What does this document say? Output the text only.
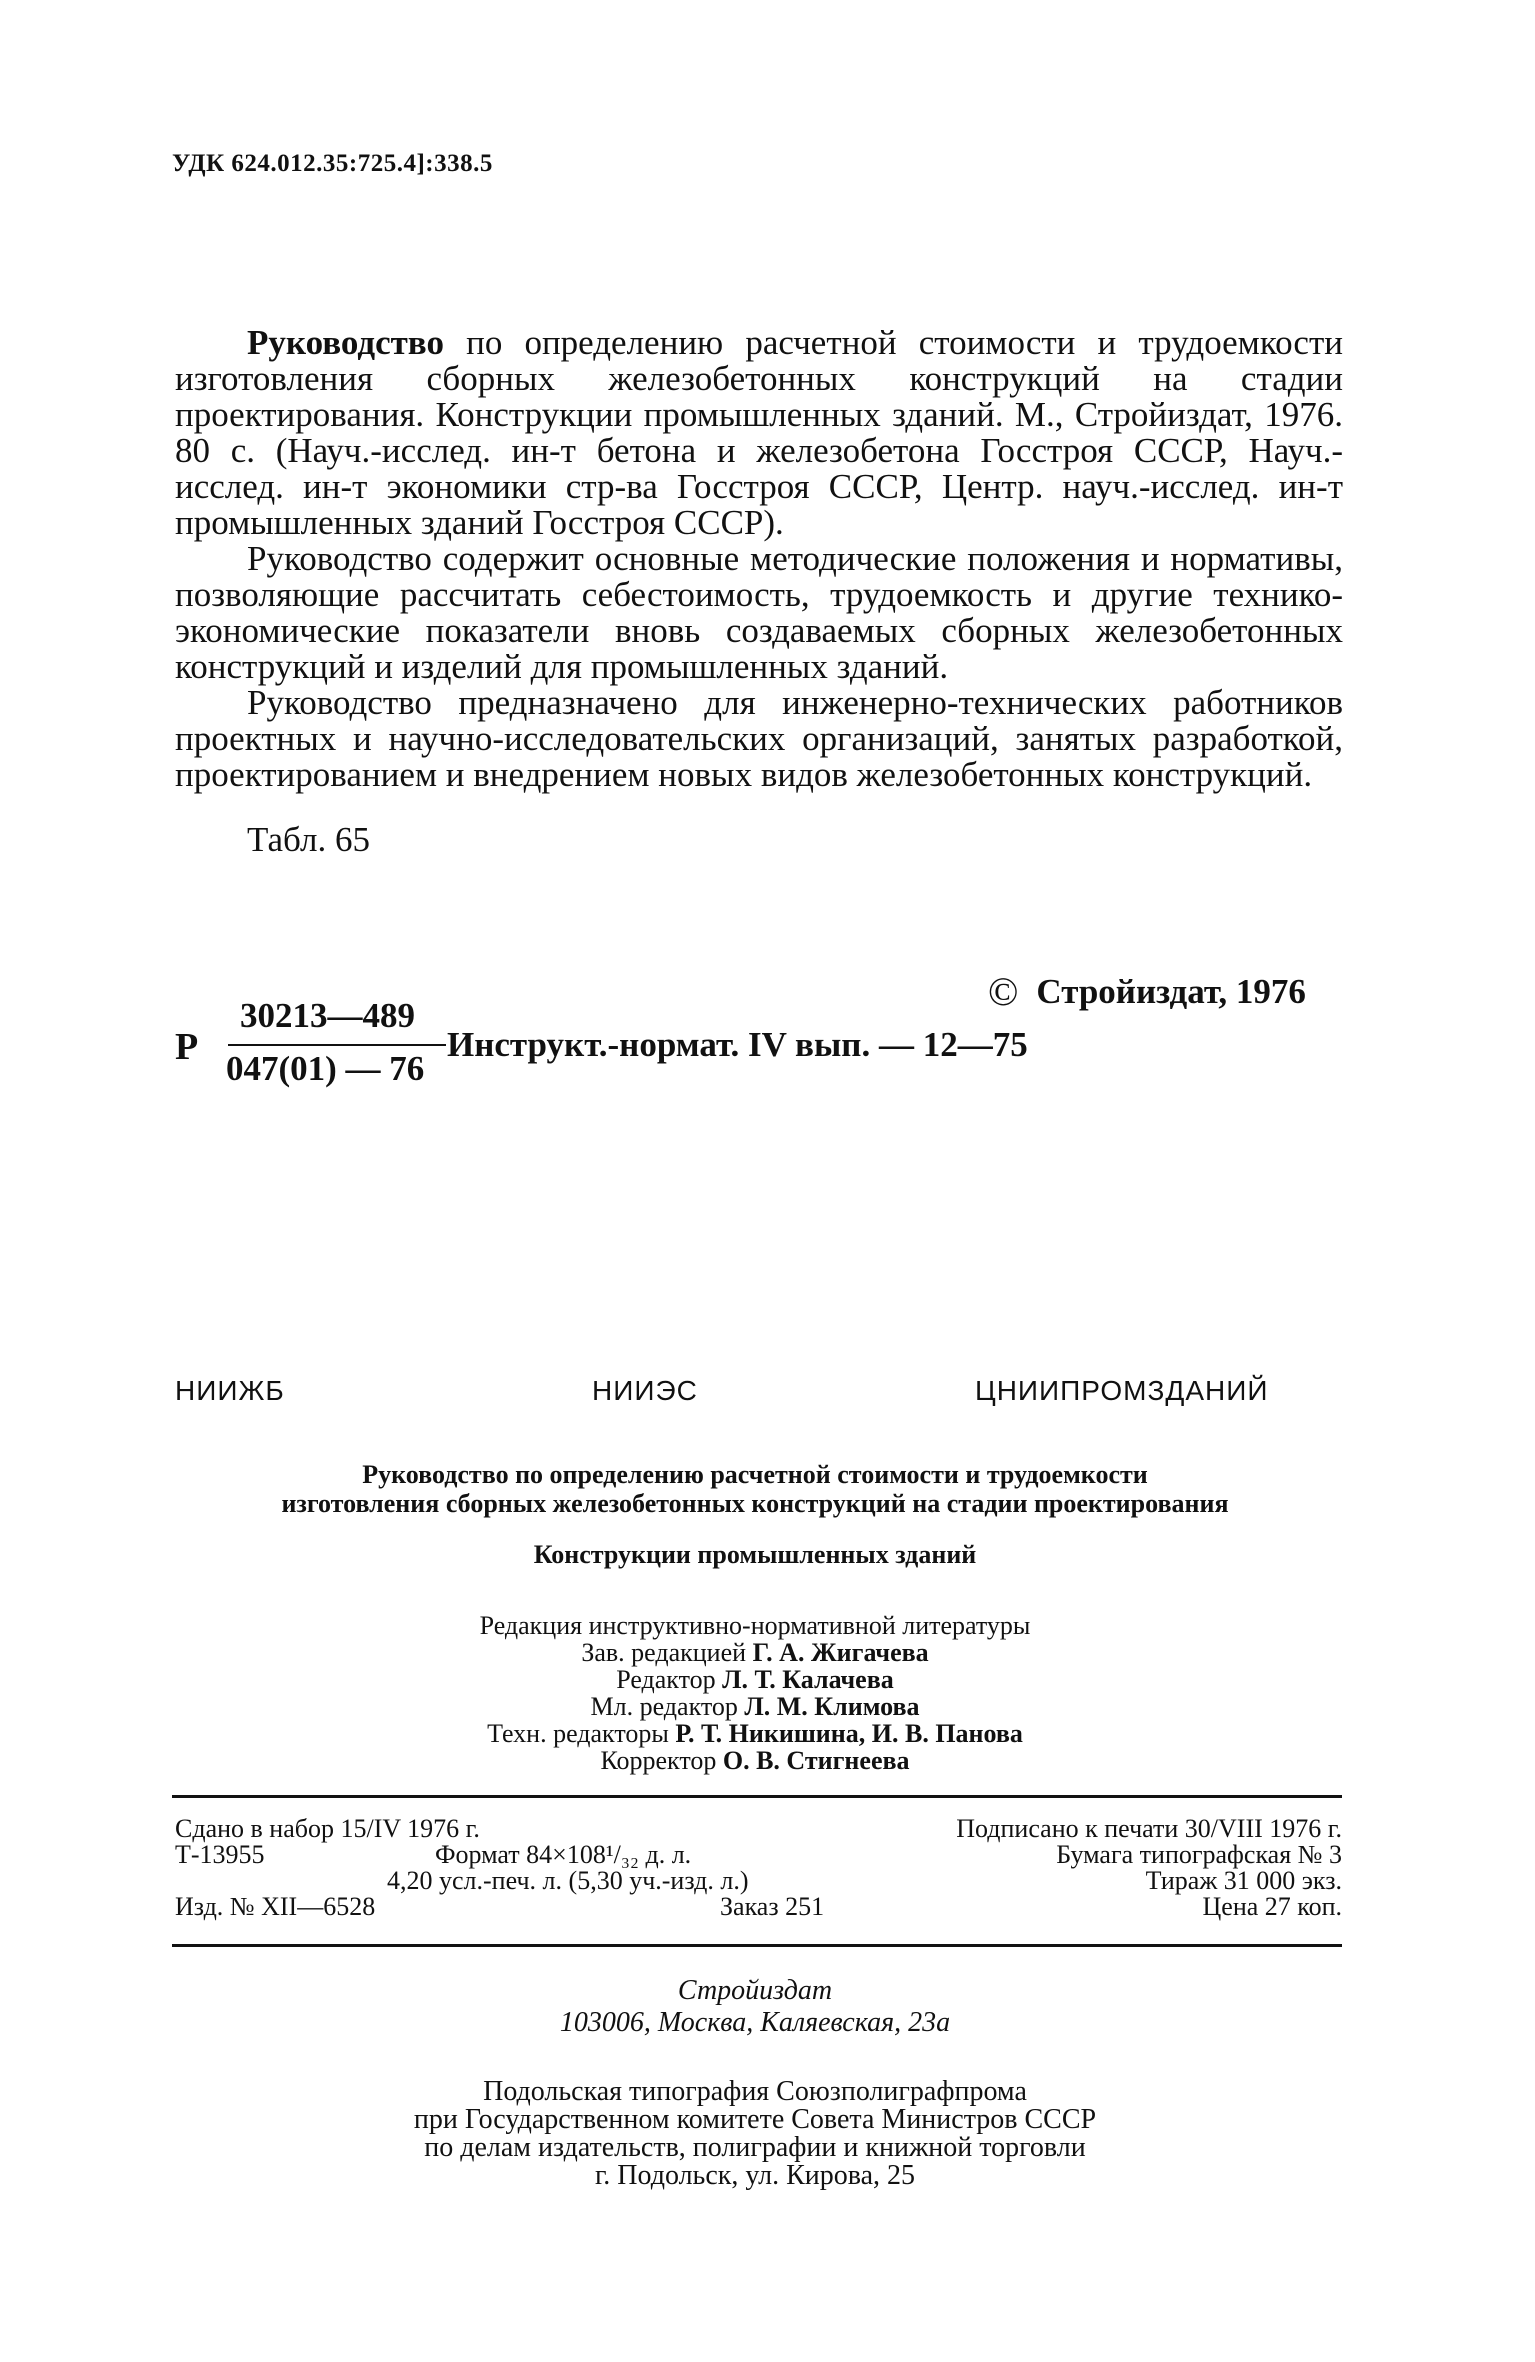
УДК 624.012.35:725.4]:338.5

Руководство по определению расчетной стоимости и трудоемкости изготовления сборных железобетонных конструкций на стадии проектирования. Конструкции промышленных зданий. М., Стройиздат, 1976. 80 с. (Науч.-исслед. ин-т бетона и железобетона Госстроя СССР, Науч.-исслед. ин-т экономики стр-ва Госстроя СССР, Центр. науч.-исслед. ин-т промышленных зданий Госстроя СССР).

Руководство содержит основные методические положения и нормативы, позволяющие рассчитать себестоимость, трудоемкость и другие технико-экономические показатели вновь создаваемых сборных железобетонных конструкций и изделий для промышленных зданий.

Руководство предназначено для инженерно-технических работников проектных и научно-исследовательских организаций, занятых разработкой, проектированием и внедрением новых видов железобетонных конструкций.

Табл. 65
© Стройиздат, 1976
Р
30213—489
047(01) — 76
Инструкт.-нормат. IV вып. — 12—75
НИИЖБ	НИИЭС	ЦНИИПРОМЗДАНИЙ
Руководство по определению расчетной стоимости и трудоемкости
изготовления сборных железобетонных конструкций на стадии проектирования
Конструкции промышленных зданий
Редакция инструктивно-нормативной литературы
Зав. редакцией Г. А. Жигачева
Редактор Л. Т. Калачева
Мл. редактор Л. М. Климова
Техн. редакторы Р. Т. Никишина, И. В. Панова
Корректор О. В. Стигнеева
Сдано в набор 15/IV 1976 г.	Подписано к печати 30/VIII 1976 г.
Т-13955	Формат 84×108¹/₃₂ д. л.	Бумага типографская № 3
4,20 усл.-печ. л. (5,30 уч.-изд. л.)	Тираж 31 000 экз.
Изд. № XII—6528	Заказ 251	Цена 27 коп.
Стройиздат
103006, Москва, Каляевская, 23а
Подольская типография Союзполиграфпрома
при Государственном комитете Совета Министров СССР
по делам издательств, полиграфии и книжной торговли
г. Подольск, ул. Кирова, 25
